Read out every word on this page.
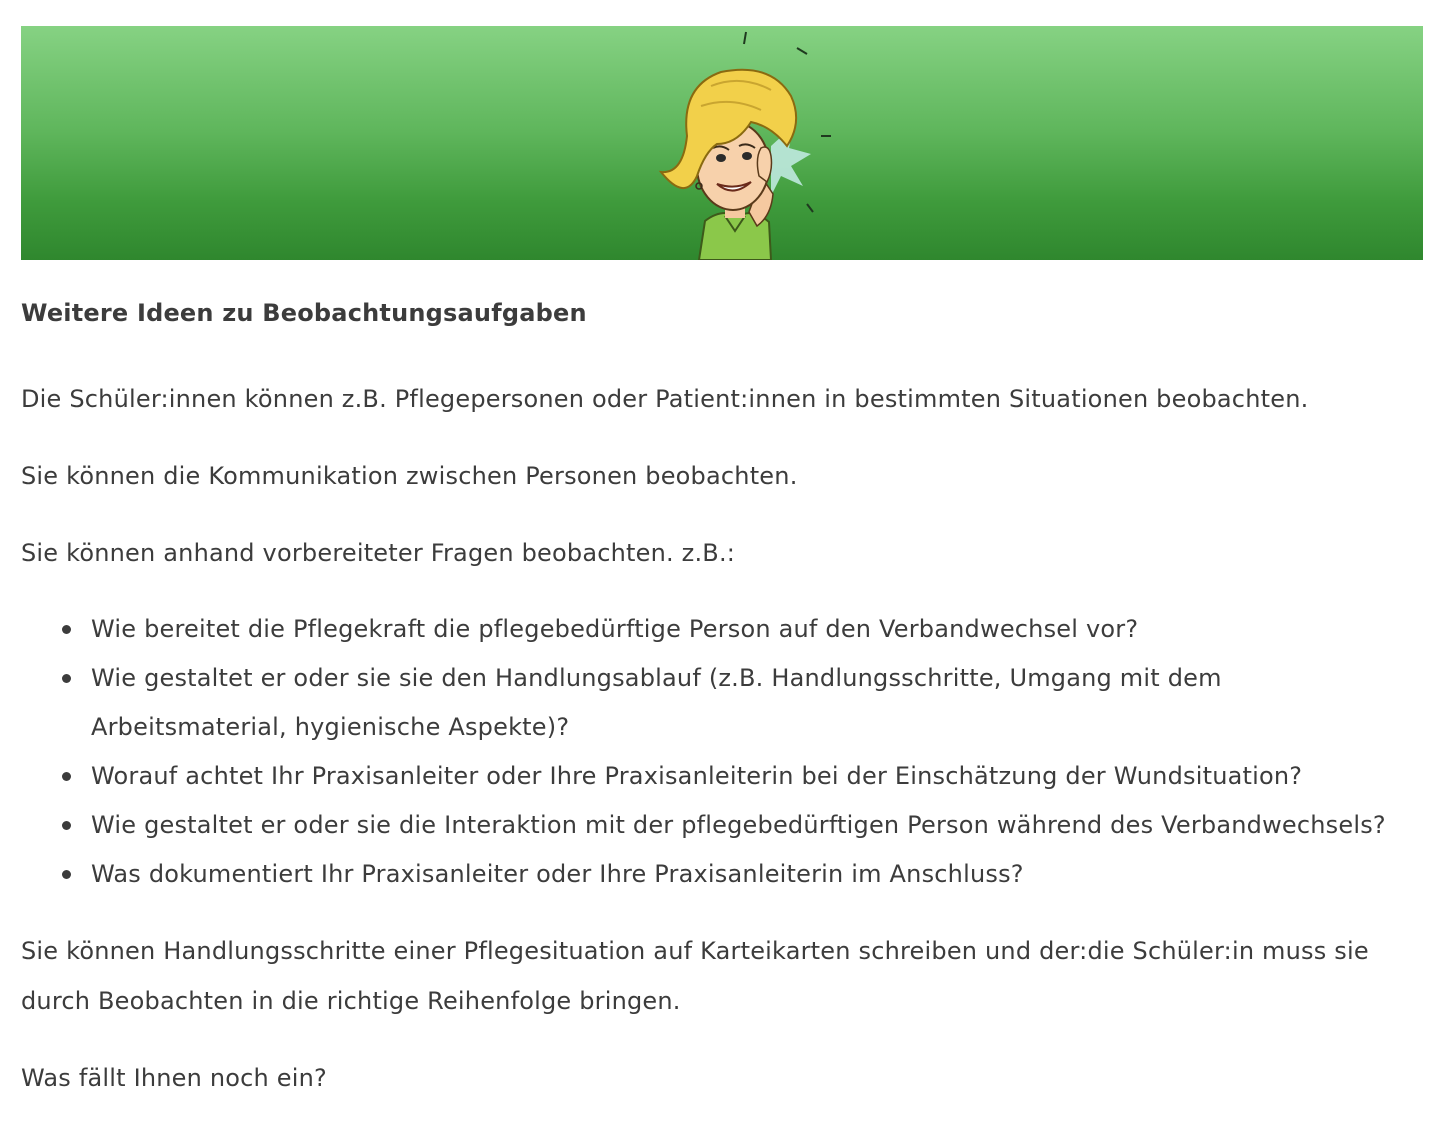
Weitere Ideen zu Beobachtungsaufgaben
Die Schüler:innen können z.B. Pflegepersonen oder Patient:innen in bestimmten Situationen beobachten.
Sie können die Kommunikation zwischen Personen beobachten.
Sie können anhand vorbereiteter Fragen beobachten. z.B.:
Wie bereitet die Pflegekraft die pflegebedürftige Person auf den Verbandwechsel vor?
Wie gestaltet er oder sie sie den Handlungsablauf (z.B. Handlungsschritte, Umgang mit dem Arbeitsmaterial, hygienische Aspekte)?
Worauf achtet Ihr Praxisanleiter oder Ihre Praxisanleiterin bei der Einschätzung der Wundsituation?
Wie gestaltet er oder sie die Interaktion mit der pflegebedürftigen Person während des Verbandwechsels?
Was dokumentiert Ihr Praxisanleiter oder Ihre Praxisanleiterin im Anschluss?
Sie können Handlungsschritte einer Pflegesituation auf Karteikarten schreiben und der:die Schüler:in muss sie durch Beobachten in die richtige Reihenfolge bringen.
Was fällt Ihnen noch ein?
